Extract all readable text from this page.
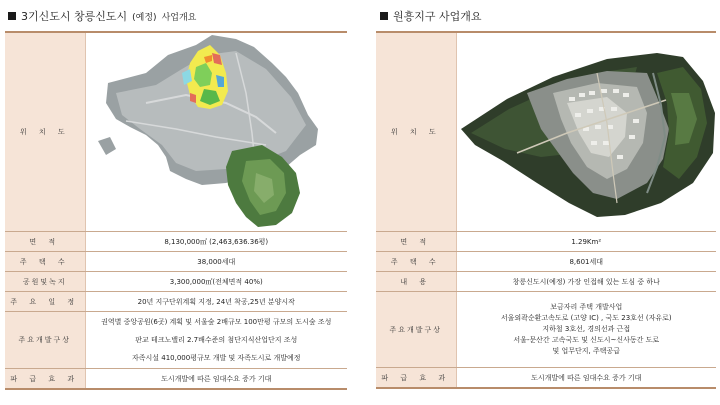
3기신도시 창릉신도시 (예정) 사업개요	원흥지구 사업개요
위 치 도	

면 적	8,130,000㎡ (2,463,636.36평)
주 택 수	38,000세대
공원및녹지	3,300,000㎡(전체면적 40%)
주 요 일 정	20년 지구단위계획 지정, 24년 착공,25년 분양시작
주요개발구상	권역별 중앙공원(6곳) 계획 및 서울숲 2배규모 100만평 규모의 도시숲 조성
판교 테크노밸리 2.7배수준의 첨단지식산업단지 조성
자족시설 410,000평규모 개발 및 자족도시로 개발예정

파 급 효 과	도시개발에 따른 임대수요 증가 기대
위 치 도	

면 적	1.29Km²
주 택 수	8,601세대
내 용	창릉신도시(예정) 가장 인접해 있는 도심 중 하나
주요개발구상	보금자리 주택 개발사업
서울외곽순환고속도로 (고양 IC) , 국도 23호선 (자유로)
지하철 3호선, 경의선과 근접
서울-문산간 고속국도 및 신도시~신사동간 도로
및 업무단지, 주택공급

파 급 효 과	도시개발에 따른 임대수요 증가 기대
